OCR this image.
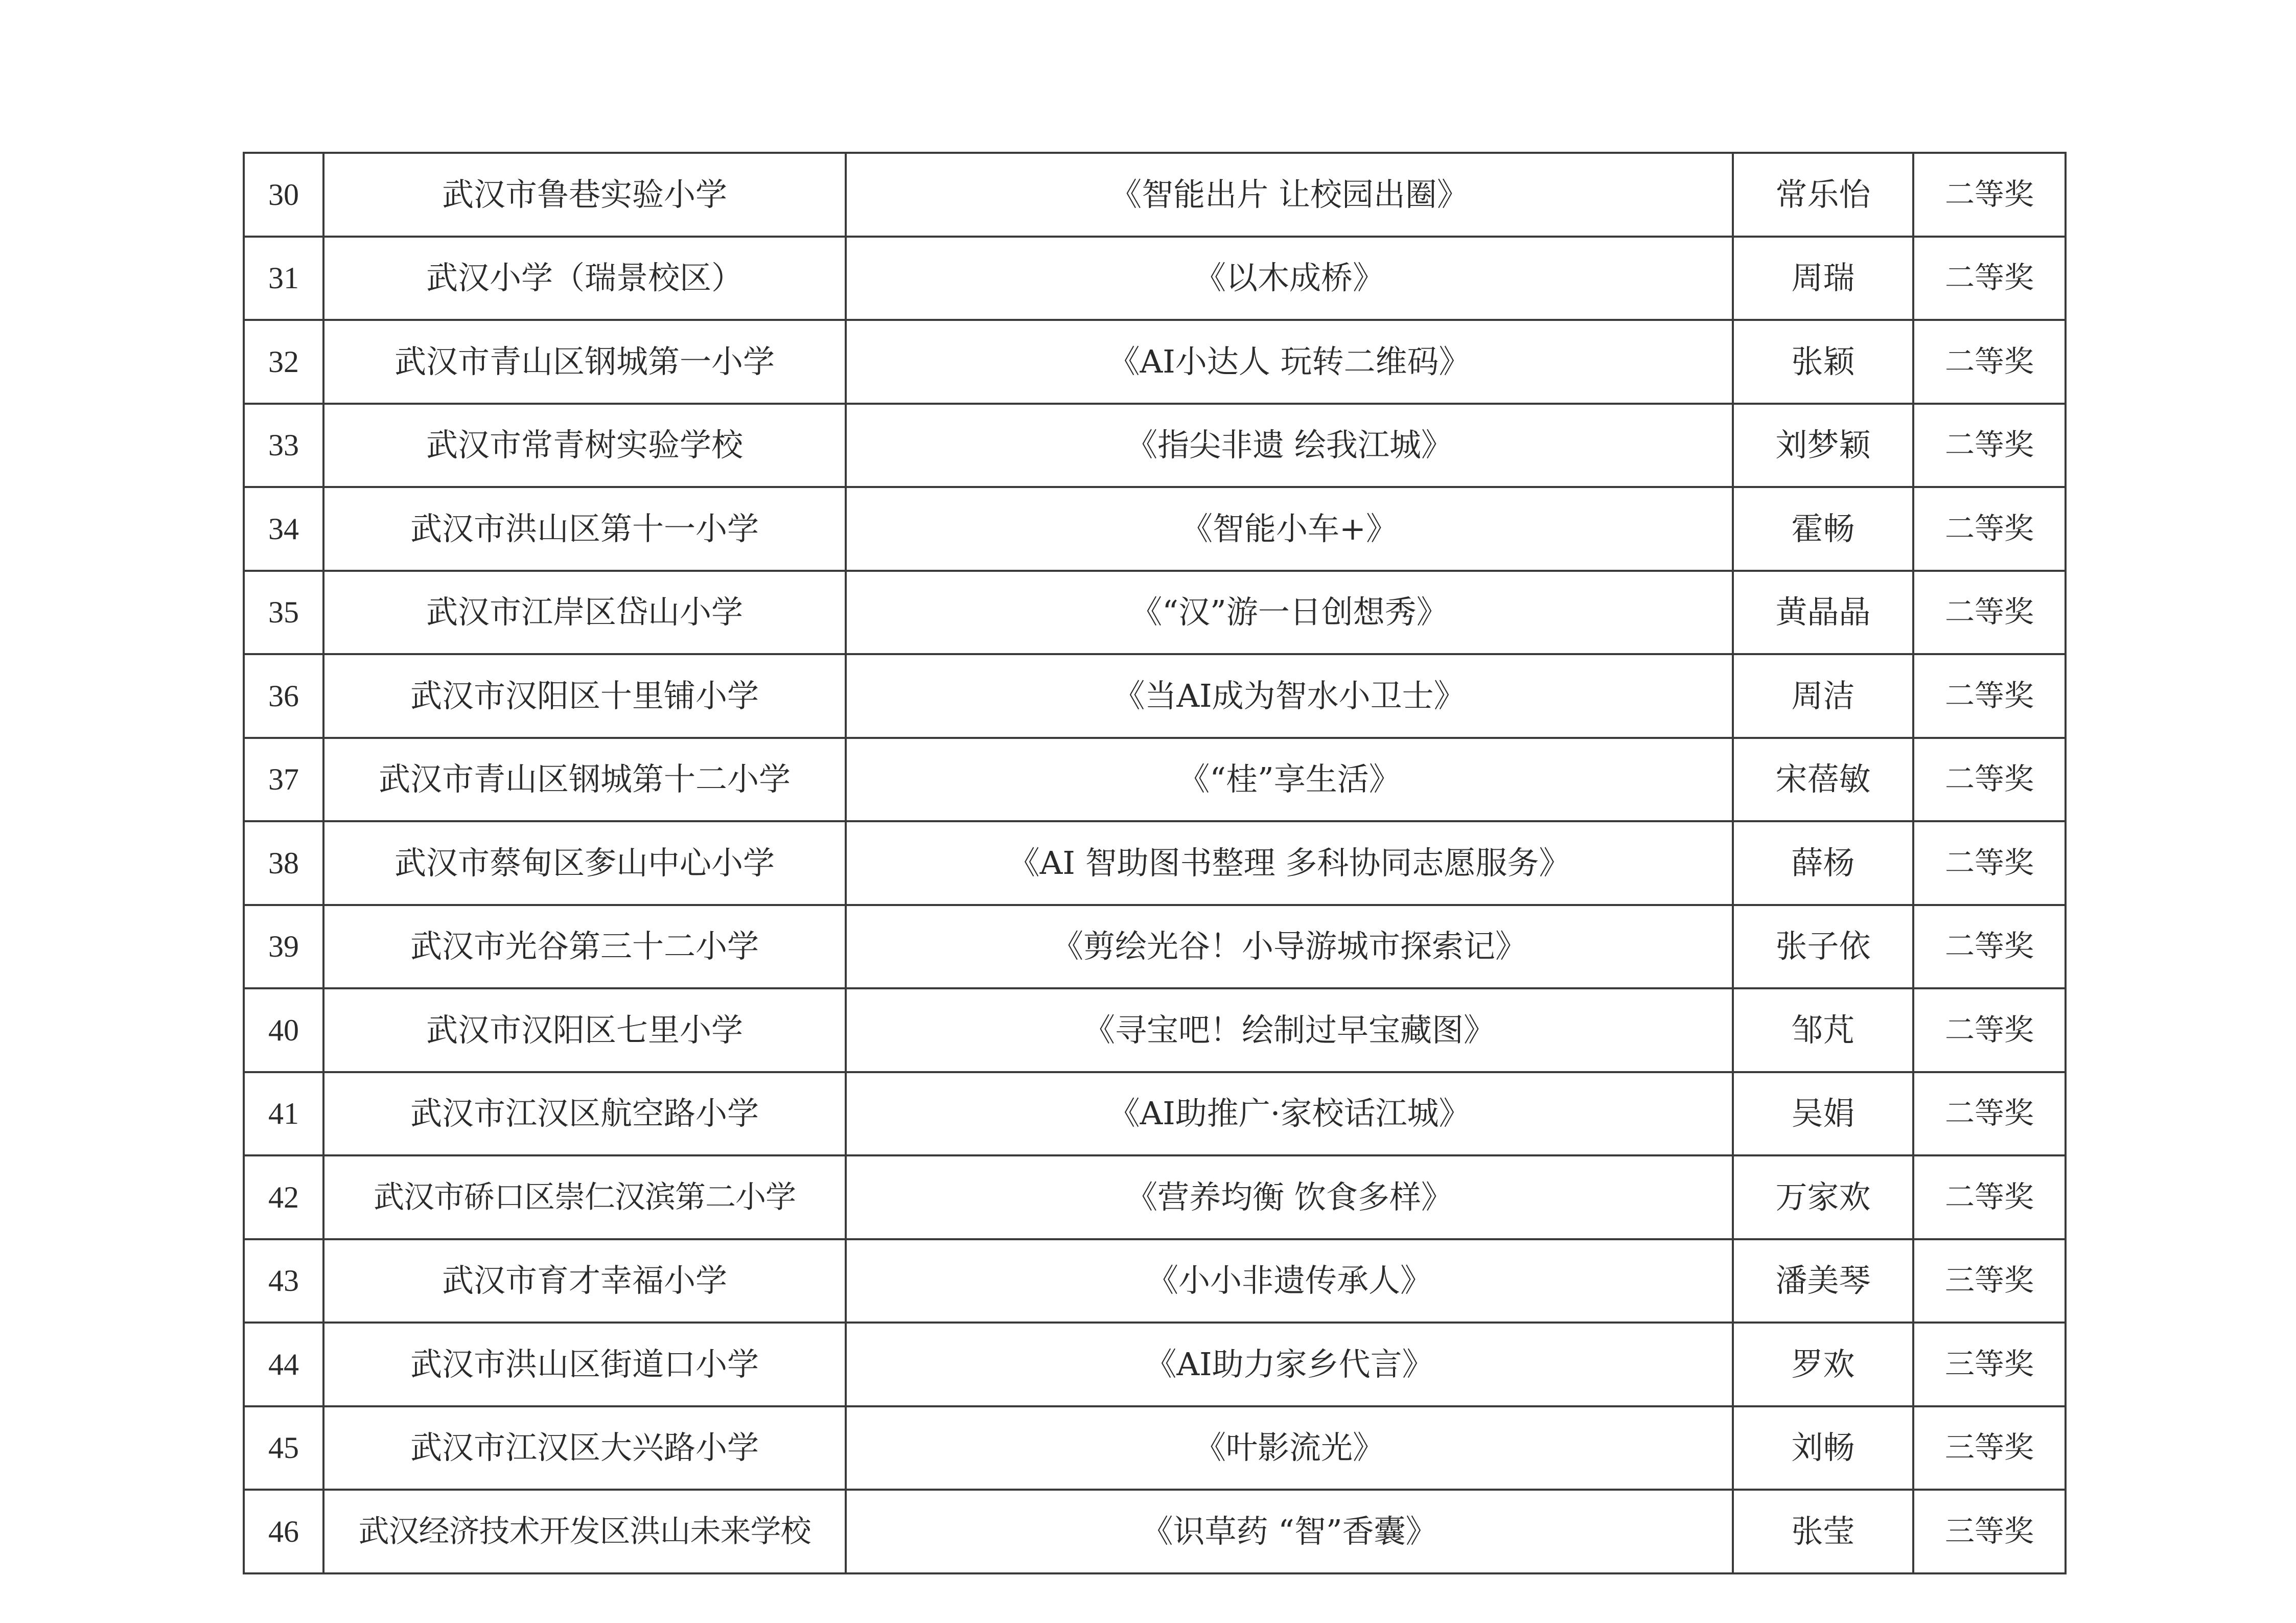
30	武汉市鲁巷实验小学	《智能出片 让校园出圈》	常乐怡	二等奖
31	武汉小学（瑞景校区）	《以木成桥》	周瑞	二等奖
32	武汉市青山区钢城第一小学	《AI小达人 玩转二维码》	张颖	二等奖
33	武汉市常青树实验学校	《指尖非遗 绘我江城》	刘梦颖	二等奖
34	武汉市洪山区第十一小学	《智能小车+》	霍畅	二等奖
35	武汉市江岸区岱山小学	《“汉”游一日创想秀》	黄晶晶	二等奖
36	武汉市汉阳区十里铺小学	《当AI成为智水小卫士》	周洁	二等奖
37	武汉市青山区钢城第十二小学	《“桂”享生活》	宋蓓敏	二等奖
38	武汉市蔡甸区奓山中心小学	《AI 智助图书整理 多科协同志愿服务》	薛杨	二等奖
39	武汉市光谷第三十二小学	《剪绘光谷！小导游城市探索记》	张子依	二等奖
40	武汉市汉阳区七里小学	《寻宝吧！绘制过早宝藏图》	邹芃	二等奖
41	武汉市江汉区航空路小学	《AI助推广·家校话江城》	吴娟	二等奖
42	武汉市硚口区崇仁汉滨第二小学	《营养均衡 饮食多样》	万家欢	二等奖
43	武汉市育才幸福小学	《小小非遗传承人》	潘美琴	三等奖
44	武汉市洪山区街道口小学	《AI助力家乡代言》	罗欢	三等奖
45	武汉市江汉区大兴路小学	《叶影流光》	刘畅	三等奖
46	武汉经济技术开发区洪山未来学校	《识草药 “智”香囊》	张莹	三等奖
